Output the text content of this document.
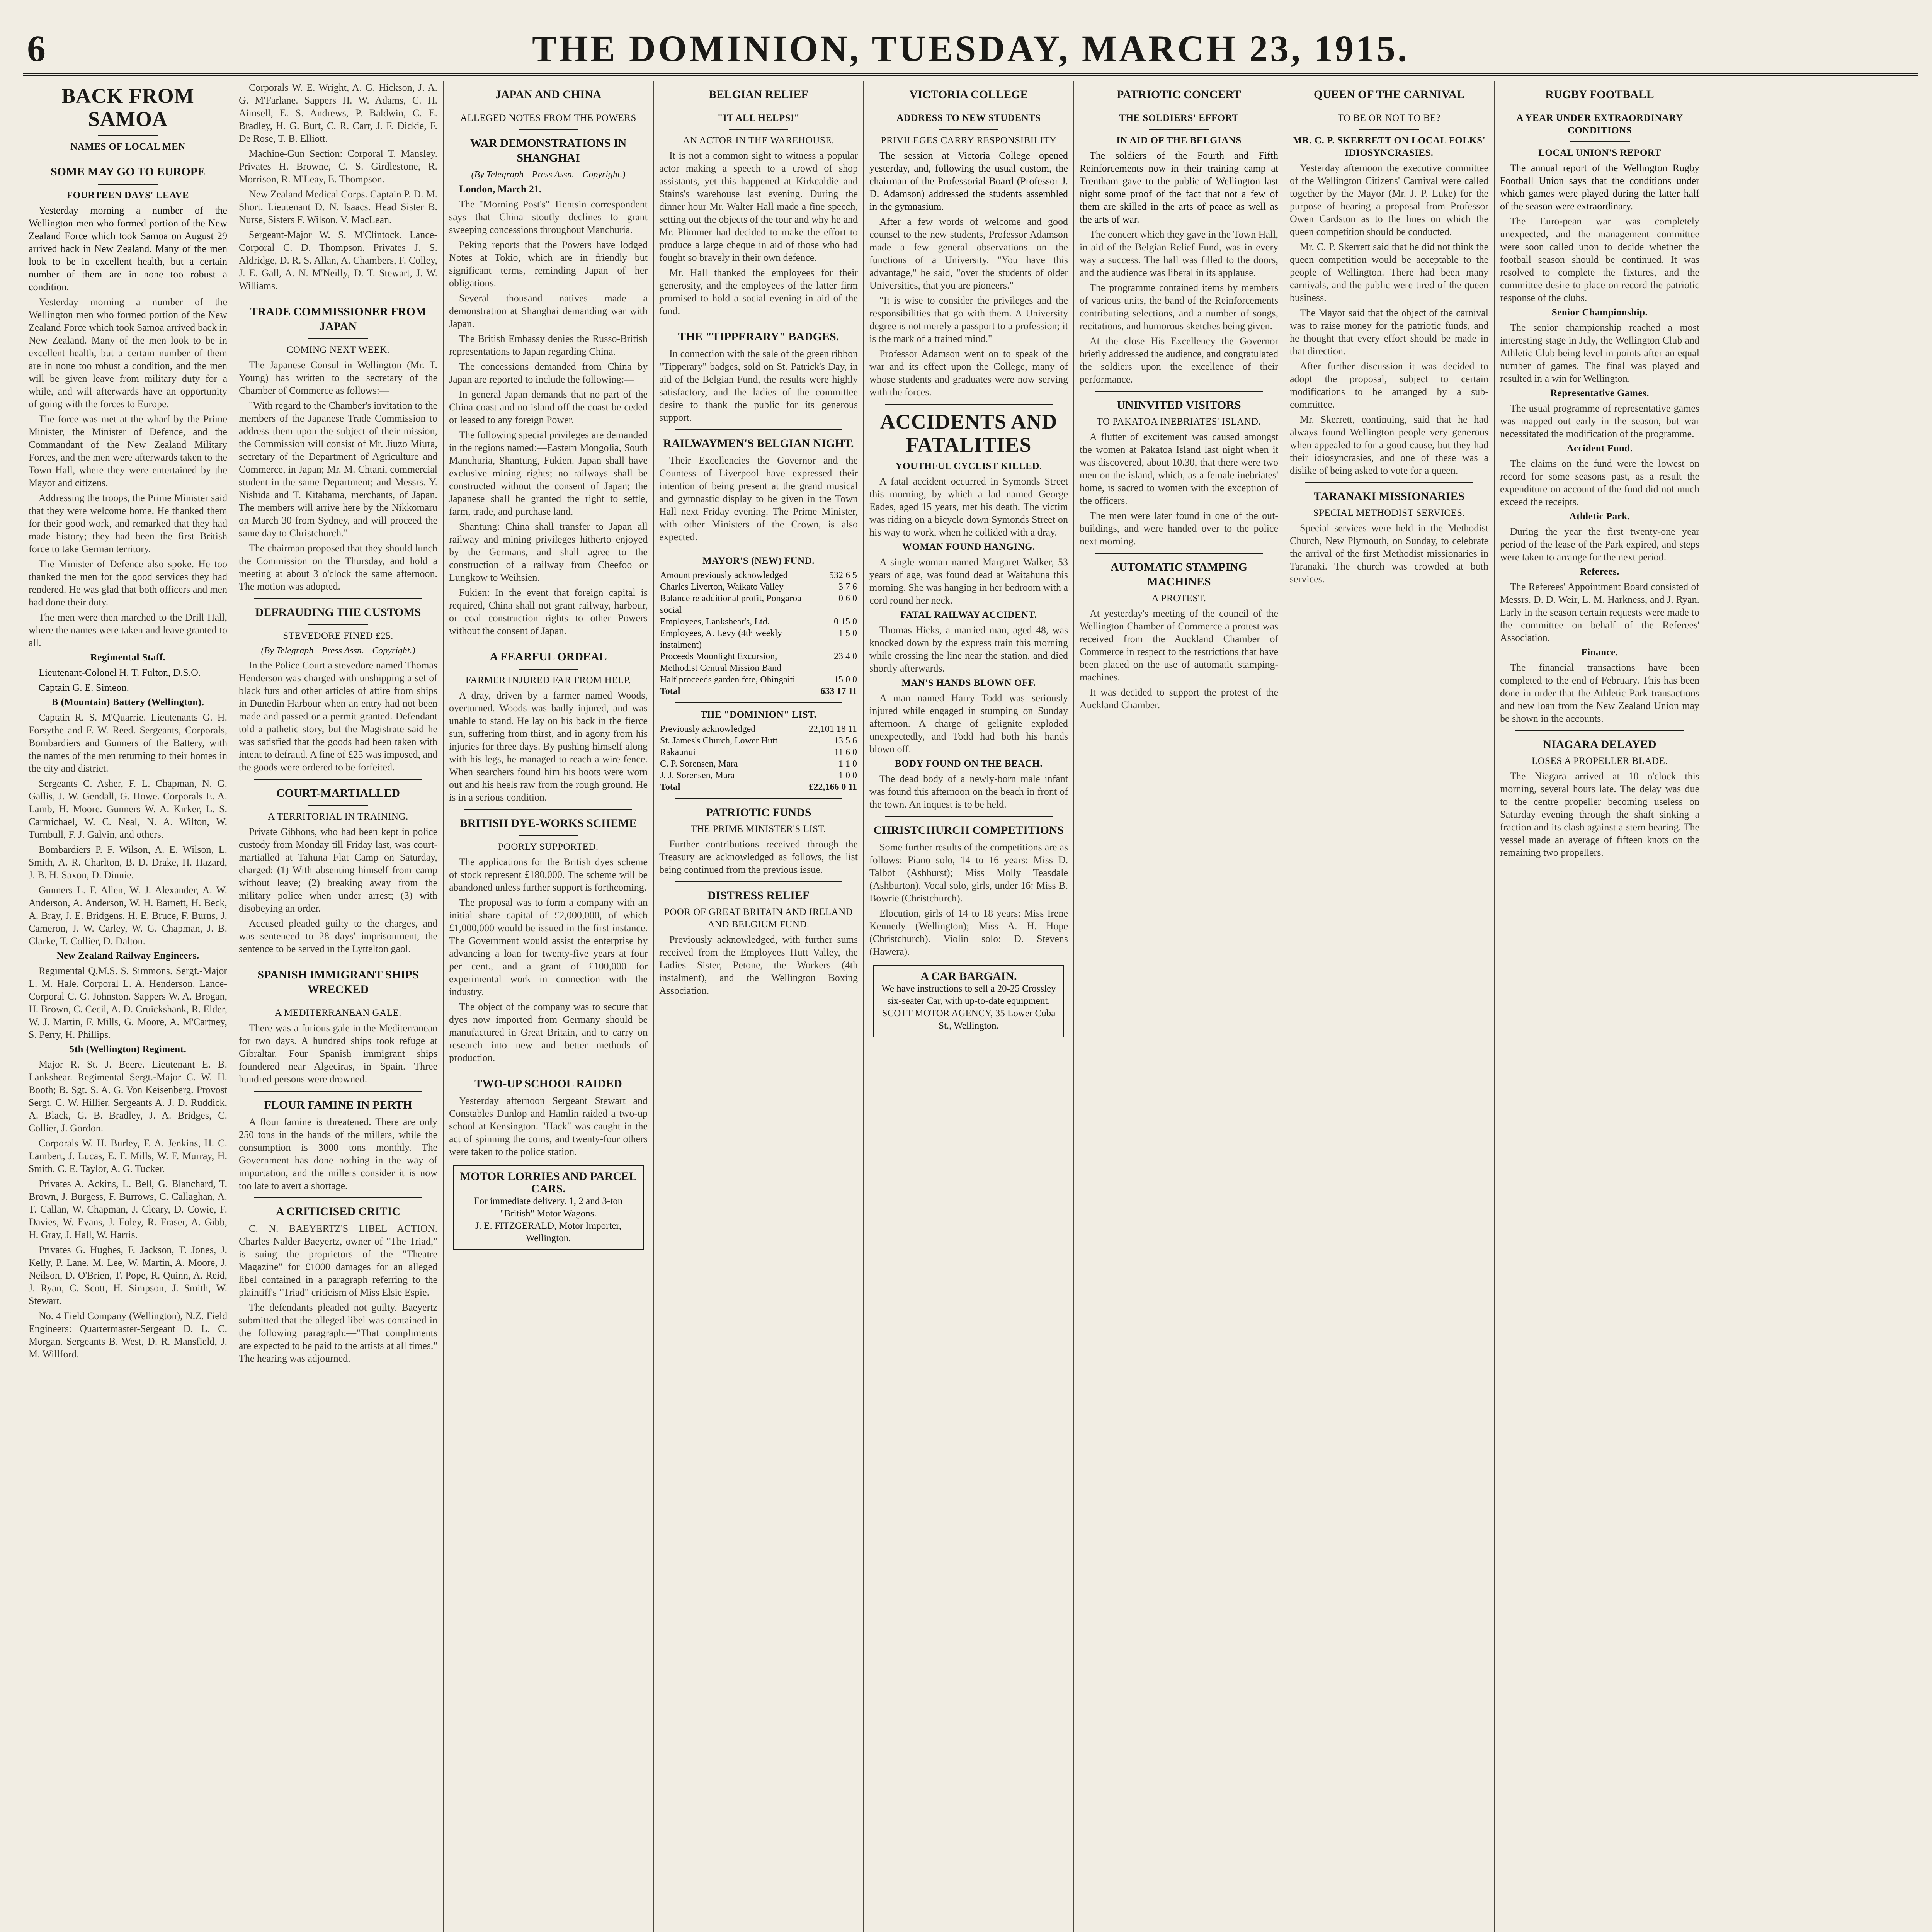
6	THE DOMINION, TUESDAY, MARCH 23, 1915.
BACK FROM SAMOA
NAMES OF LOCAL MEN
SOME MAY GO TO EUROPE
FOURTEEN DAYS' LEAVE

Yesterday morning a number of the Wellington men who formed portion of the New Zealand Force which took Samoa on August 29 arrived back in New Zealand. Many of the men look to be in excellent health, but a certain number of them are in none too robust a condition.

Yesterday morning a number of the Wellington men who formed portion of the New Zealand Force which took Samoa arrived back in New Zealand. Many of the men look to be in excellent health, but a certain number of them are in none too robust a condition, and the men will be given leave from military duty for a while, and will afterwards have an opportunity of going with the forces to Europe.

The force was met at the wharf by the Prime Minister, the Minister of Defence, and the Commandant of the New Zealand Military Forces, and the men were afterwards taken to the Town Hall, where they were entertained by the Mayor and citizens.

Addressing the troops, the Prime Minister said that they were welcome home. He thanked them for their good work, and remarked that they had made history; they had been the first British force to take German territory.

The Minister of Defence also spoke. He too thanked the men for the good services they had rendered. He was glad that both officers and men had done their duty.

The men were then marched to the Drill Hall, where the names were taken and leave granted to all.

Regimental Staff.

Lieutenant-Colonel H. T. Fulton, D.S.O.

Captain G. E. Simeon.

B (Mountain) Battery (Wellington).

Captain R. S. M'Quarrie. Lieutenants G. H. Forsythe and F. W. Reed. Sergeants, Corporals, Bombardiers and Gunners of the Battery, with the names of the men returning to their homes in the city and district.

Sergeants C. Asher, F. L. Chapman, N. G. Gallis, J. W. Gendall, G. Howe. Corporals E. A. Lamb, H. Moore. Gunners W. A. Kirker, L. S. Carmichael, W. C. Neal, N. A. Wilton, W. Turnbull, F. J. Galvin, and others.

Bombardiers P. F. Wilson, A. E. Wilson, L. Smith, A. R. Charlton, B. D. Drake, H. Hazard, J. B. H. Saxon, D. Dinnie.

Gunners L. F. Allen, W. J. Alexander, A. W. Anderson, A. Anderson, W. H. Barnett, H. Beck, A. Bray, J. E. Bridgens, H. E. Bruce, F. Burns, J. Cameron, J. W. Carley, W. G. Chapman, J. B. Clarke, T. Collier, D. Dalton.

New Zealand Railway Engineers.

Regimental Q.M.S. S. Simmons. Sergt.-Major L. M. Hale. Corporal L. A. Henderson. Lance-Corporal C. G. Johnston. Sappers W. A. Brogan, H. Brown, C. Cecil, A. D. Cruickshank, R. Elder, W. J. Martin, F. Mills, G. Moore, A. M'Cartney, S. Perry, H. Phillips.

5th (Wellington) Regiment.

Major R. St. J. Beere. Lieutenant E. B. Lankshear. Regimental Sergt.-Major C. W. H. Booth; B. Sgt. S. A. G. Von Keisenberg. Provost Sergt. C. W. Hillier. Sergeants A. J. D. Ruddick, A. Black, G. B. Bradley, J. A. Bridges, C. Collier, J. Gordon.

Corporals W. H. Burley, F. A. Jenkins, H. C. Lambert, J. Lucas, E. F. Mills, W. F. Murray, H. Smith, C. E. Taylor, A. G. Tucker.

Privates A. Ackins, L. Bell, G. Blanchard, T. Brown, J. Burgess, F. Burrows, C. Callaghan, A. T. Callan, W. Chapman, J. Cleary, D. Cowie, F. Davies, W. Evans, J. Foley, R. Fraser, A. Gibb, H. Gray, J. Hall, W. Harris.

Privates G. Hughes, F. Jackson, T. Jones, J. Kelly, P. Lane, M. Lee, W. Martin, A. Moore, J. Neilson, D. O'Brien, T. Pope, R. Quinn, A. Reid, J. Ryan, C. Scott, H. Simpson, J. Smith, W. Stewart.

No. 4 Field Company (Wellington), N.Z. Field Engineers: Quartermaster-Sergeant D. L. C. Morgan. Sergeants B. West, D. R. Mansfield, J. M. Willford.

Corporals W. E. Wright, A. G. Hickson, J. A. G. M'Farlane. Sappers H. W. Adams, C. H. Aimsell, E. S. Andrews, P. Baldwin, C. E. Bradley, H. G. Burt, C. R. Carr, J. F. Dickie, F. De Rose, T. B. Elliott.

Machine-Gun Section: Corporal T. Mansley. Privates H. Browne, C. S. Girdlestone, R. Morrison, R. M'Leay, E. Thompson.

New Zealand Medical Corps. Captain P. D. M. Short. Lieutenant D. N. Isaacs. Head Sister B. Nurse, Sisters F. Wilson, V. MacLean.

Sergeant-Major W. S. M'Clintock. Lance-Corporal C. D. Thompson. Privates J. S. Aldridge, D. R. S. Allan, A. Chambers, F. Colley, J. E. Gall, A. N. M'Neilly, D. T. Stewart, J. W. Williams.

TRADE COMMISSIONER FROM JAPAN
COMING NEXT WEEK.

The Japanese Consul in Wellington (Mr. T. Young) has written to the secretary of the Chamber of Commerce as follows:—

"With regard to the Chamber's invitation to the members of the Japanese Trade Commission to address them upon the subject of their mission, the Commission will consist of Mr. Jiuzo Miura, secretary of the Department of Agriculture and Commerce, in Japan; Mr. M. Chtani, commercial student in the same Department; and Messrs. Y. Nishida and T. Kitabama, merchants, of Japan. The members will arrive here by the Nikkomaru on March 30 from Sydney, and will proceed the same day to Christchurch."

The chairman proposed that they should lunch the Commission on the Thursday, and hold a meeting at about 3 o'clock the same afternoon. The motion was adopted.

DEFRAUDING THE CUSTOMS
STEVEDORE FINED £25.
(By Telegraph—Press Assn.—Copyright.)

In the Police Court a stevedore named Thomas Henderson was charged with unshipping a set of black furs and other articles of attire from ships in Dunedin Harbour when an entry had not been made and passed or a permit granted. Defendant told a pathetic story, but the Magistrate said he was satisfied that the goods had been taken with intent to defraud. A fine of £25 was imposed, and the goods were ordered to be forfeited.

COURT-MARTIALLED
A TERRITORIAL IN TRAINING.

Private Gibbons, who had been kept in police custody from Monday till Friday last, was court-martialled at Tahuna Flat Camp on Saturday, charged: (1) With absenting himself from camp without leave; (2) breaking away from the military police when under arrest; (3) with disobeying an order.

Accused pleaded guilty to the charges, and was sentenced to 28 days' imprisonment, the sentence to be served in the Lyttelton gaol.

SPANISH IMMIGRANT SHIPS WRECKED
A MEDITERRANEAN GALE.

There was a furious gale in the Mediterranean for two days. A hundred ships took refuge at Gibraltar. Four Spanish immigrant ships foundered near Algeciras, in Spain. Three hundred persons were drowned.

FLOUR FAMINE IN PERTH

A flour famine is threatened. There are only 250 tons in the hands of the millers, while the consumption is 3000 tons monthly. The Government has done nothing in the way of importation, and the millers consider it is now too late to avert a shortage.

A CRITICISED CRITIC

C. N. BAEYERTZ'S LIBEL ACTION. Charles Nalder Baeyertz, owner of "The Triad," is suing the proprietors of the "Theatre Magazine" for £1000 damages for an alleged libel contained in a paragraph referring to the plaintiff's "Triad" criticism of Miss Elsie Espie.

The defendants pleaded not guilty. Baeyertz submitted that the alleged libel was contained in the following paragraph:—"That compliments are expected to be paid to the artists at all times." The hearing was adjourned.

JAPAN AND CHINA
ALLEGED NOTES FROM THE POWERS
WAR DEMONSTRATIONS IN SHANGHAI
(By Telegraph—Press Assn.—Copyright.)

London, March 21.

The "Morning Post's" Tientsin correspondent says that China stoutly declines to grant sweeping concessions throughout Manchuria.

Peking reports that the Powers have lodged Notes at Tokio, which are in friendly but significant terms, reminding Japan of her obligations.

Several thousand natives made a demonstration at Shanghai demanding war with Japan.

The British Embassy denies the Russo-British representations to Japan regarding China.

The concessions demanded from China by Japan are reported to include the following:—

In general Japan demands that no part of the China coast and no island off the coast be ceded or leased to any foreign Power.

The following special privileges are demanded in the regions named:—Eastern Mongolia, South Manchuria, Shantung, Fukien. Japan shall have exclusive mining rights; no railways shall be constructed without the consent of Japan; the Japanese shall be granted the right to settle, farm, trade, and purchase land.

Shantung: China shall transfer to Japan all railway and mining privileges hitherto enjoyed by the Germans, and shall agree to the construction of a railway from Cheefoo or Lungkow to Weihsien.

Fukien: In the event that foreign capital is required, China shall not grant railway, harbour, or coal construction rights to other Powers without the consent of Japan.

A FEARFUL ORDEAL
FARMER INJURED FAR FROM HELP.

A dray, driven by a farmer named Woods, overturned. Woods was badly injured, and was unable to stand. He lay on his back in the fierce sun, suffering from thirst, and in agony from his injuries for three days. By pushing himself along with his legs, he managed to reach a wire fence. When searchers found him his boots were worn out and his heels raw from the rough ground. He is in a serious condition.

BRITISH DYE-WORKS SCHEME
POORLY SUPPORTED.

The applications for the British dyes scheme of stock represent £180,000. The scheme will be abandoned unless further support is forthcoming.

The proposal was to form a company with an initial share capital of £2,000,000, of which £1,000,000 would be issued in the first instance. The Government would assist the enterprise by advancing a loan for twenty-five years at four per cent., and a grant of £100,000 for experimental work in connection with the industry.

The object of the company was to secure that dyes now imported from Germany should be manufactured in Great Britain, and to carry on research into new and better methods of production.

TWO-UP SCHOOL RAIDED

Yesterday afternoon Sergeant Stewart and Constables Dunlop and Hamlin raided a two-up school at Kensington. "Hack" was caught in the act of spinning the coins, and twenty-four others were taken to the police station.

MOTOR LORRIES AND PARCEL CARS.
For immediate delivery. 1, 2 and 3-ton "British" Motor Wagons.
J. E. FITZGERALD, Motor Importer, Wellington.
BELGIAN RELIEF
"IT ALL HELPS!"
AN ACTOR IN THE WAREHOUSE.

It is not a common sight to witness a popular actor making a speech to a crowd of shop assistants, yet this happened at Kirkcaldie and Stains's warehouse last evening. During the dinner hour Mr. Walter Hall made a fine speech, setting out the objects of the tour and why he and Mr. Plimmer had decided to make the effort to produce a large cheque in aid of those who had fought so bravely in their own defence.

Mr. Hall thanked the employees for their generosity, and the employees of the latter firm promised to hold a social evening in aid of the fund.

THE "TIPPERARY" BADGES.

In connection with the sale of the green ribbon "Tipperary" badges, sold on St. Patrick's Day, in aid of the Belgian Fund, the results were highly satisfactory, and the ladies of the committee desire to thank the public for its generous support.

RAILWAYMEN'S BELGIAN NIGHT.

Their Excellencies the Governor and the Countess of Liverpool have expressed their intention of being present at the grand musical and gymnastic display to be given in the Town Hall next Friday evening. The Prime Minister, with other Ministers of the Crown, is also expected.

MAYOR'S (NEW) FUND.
Amount previously acknowledged	532 6 5
Charles Liverton, Waikato Valley	3 7 6
Balance re additional profit, Pongaroa social	0 6 0
Employees, Lankshear's, Ltd.	0 15 0
Employees, A. Levy (4th weekly instalment)	1 5 0
Proceeds Moonlight Excursion, Methodist Central Mission Band	23 4 0
Half proceeds garden fete, Ohingaiti	15 0 0
Total	633 17 11
THE "DOMINION" LIST.
Previously acknowledged	22,101 18 11
St. James's Church, Lower Hutt	13 5 6
Rakaunui	11 6 0
C. P. Sorensen, Mara	1 1 0
J. J. Sorensen, Mara	1 0 0
Total	£22,166 0 11
PATRIOTIC FUNDS
THE PRIME MINISTER'S LIST.

Further contributions received through the Treasury are acknowledged as follows, the list being continued from the previous issue.

DISTRESS RELIEF
POOR OF GREAT BRITAIN AND IRELAND AND BELGIUM FUND.

Previously acknowledged, with further sums received from the Employees Hutt Valley, the Ladies Sister, Petone, the Workers (4th instalment), and the Wellington Boxing Association.

VICTORIA COLLEGE
ADDRESS TO NEW STUDENTS
PRIVILEGES CARRY RESPONSIBILITY

The session at Victoria College opened yesterday, and, following the usual custom, the chairman of the Professorial Board (Professor J. D. Adamson) addressed the students assembled in the gymnasium.

After a few words of welcome and good counsel to the new students, Professor Adamson made a few general observations on the functions of a University. "You have this advantage," he said, "over the students of older Universities, that you are pioneers."

"It is wise to consider the privileges and the responsibilities that go with them. A University degree is not merely a passport to a profession; it is the mark of a trained mind."

Professor Adamson went on to speak of the war and its effect upon the College, many of whose students and graduates were now serving with the forces.

ACCIDENTS AND FATALITIES
YOUTHFUL CYCLIST KILLED.

A fatal accident occurred in Symonds Street this morning, by which a lad named George Eades, aged 15 years, met his death. The victim was riding on a bicycle down Symonds Street on his way to work, when he collided with a dray.

WOMAN FOUND HANGING.

A single woman named Margaret Walker, 53 years of age, was found dead at Waitahuna this morning. She was hanging in her bedroom with a cord round her neck.

FATAL RAILWAY ACCIDENT.

Thomas Hicks, a married man, aged 48, was knocked down by the express train this morning while crossing the line near the station, and died shortly afterwards.

MAN'S HANDS BLOWN OFF.

A man named Harry Todd was seriously injured while engaged in stumping on Sunday afternoon. A charge of gelignite exploded unexpectedly, and Todd had both his hands blown off.

BODY FOUND ON THE BEACH.

The dead body of a newly-born male infant was found this afternoon on the beach in front of the town. An inquest is to be held.

CHRISTCHURCH COMPETITIONS

Some further results of the competitions are as follows: Piano solo, 14 to 16 years: Miss D. Talbot (Ashhurst); Miss Molly Teasdale (Ashburton). Vocal solo, girls, under 16: Miss B. Bowrie (Christchurch).

Elocution, girls of 14 to 18 years: Miss Irene Kennedy (Wellington); Miss A. H. Hope (Christchurch). Violin solo: D. Stevens (Hawera).

A CAR BARGAIN.
We have instructions to sell a 20-25 Crossley six-seater Car, with up-to-date equipment.
SCOTT MOTOR AGENCY, 35 Lower Cuba St., Wellington.
PATRIOTIC CONCERT
THE SOLDIERS' EFFORT
IN AID OF THE BELGIANS

The soldiers of the Fourth and Fifth Reinforcements now in their training camp at Trentham gave to the public of Wellington last night some proof of the fact that not a few of them are skilled in the arts of peace as well as the arts of war.

The concert which they gave in the Town Hall, in aid of the Belgian Relief Fund, was in every way a success. The hall was filled to the doors, and the audience was liberal in its applause.

The programme contained items by members of various units, the band of the Reinforcements contributing selections, and a number of songs, recitations, and humorous sketches being given.

At the close His Excellency the Governor briefly addressed the audience, and congratulated the soldiers upon the excellence of their performance.

UNINVITED VISITORS
TO PAKATOA INEBRIATES' ISLAND.

A flutter of excitement was caused amongst the women at Pakatoa Island last night when it was discovered, about 10.30, that there were two men on the island, which, as a female inebriates' home, is sacred to women with the exception of the officers.

The men were later found in one of the out-buildings, and were handed over to the police next morning.

AUTOMATIC STAMPING MACHINES
A PROTEST.

At yesterday's meeting of the council of the Wellington Chamber of Commerce a protest was received from the Auckland Chamber of Commerce in respect to the restrictions that have been placed on the use of automatic stamping-machines.

It was decided to support the protest of the Auckland Chamber.

QUEEN OF THE CARNIVAL
TO BE OR NOT TO BE?
MR. C. P. SKERRETT ON LOCAL FOLKS' IDIOSYNCRASIES.

Yesterday afternoon the executive committee of the Wellington Citizens' Carnival were called together by the Mayor (Mr. J. P. Luke) for the purpose of hearing a proposal from Professor Owen Cardston as to the lines on which the queen competition should be conducted.

Mr. C. P. Skerrett said that he did not think the queen competition would be acceptable to the people of Wellington. There had been many carnivals, and the public were tired of the queen business.

The Mayor said that the object of the carnival was to raise money for the patriotic funds, and he thought that every effort should be made in that direction.

After further discussion it was decided to adopt the proposal, subject to certain modifications to be arranged by a sub-committee.

Mr. Skerrett, continuing, said that he had always found Wellington people very generous when appealed to for a good cause, but they had their idiosyncrasies, and one of these was a dislike of being asked to vote for a queen.

TARANAKI MISSIONARIES
SPECIAL METHODIST SERVICES.

Special services were held in the Methodist Church, New Plymouth, on Sunday, to celebrate the arrival of the first Methodist missionaries in Taranaki. The church was crowded at both services.

RUGBY FOOTBALL
A YEAR UNDER EXTRAORDINARY CONDITIONS
LOCAL UNION'S REPORT

The annual report of the Wellington Rugby Football Union says that the conditions under which games were played during the latter half of the season were extraordinary.

The Euro-pean war was completely unexpected, and the management committee were soon called upon to decide whether the football season should be continued. It was resolved to complete the fixtures, and the committee desire to place on record the patriotic response of the clubs.

Senior Championship.

The senior championship reached a most interesting stage in July, the Wellington Club and Athletic Club being level in points after an equal number of games. The final was played and resulted in a win for Wellington.

Representative Games.

The usual programme of representative games was mapped out early in the season, but war necessitated the modification of the programme.

Accident Fund.

The claims on the fund were the lowest on record for some seasons past, as a result the expenditure on account of the fund did not much exceed the receipts.

Athletic Park.

During the year the first twenty-one year period of the lease of the Park expired, and steps were taken to arrange for the next period.

Referees.

The Referees' Appointment Board consisted of Messrs. D. D. Weir, L. M. Harkness, and J. Ryan. Early in the season certain requests were made to the committee on behalf of the Referees' Association.

Finance.

The financial transactions have been completed to the end of February. This has been done in order that the Athletic Park transactions and new loan from the New Zealand Union may be shown in the accounts.

NIAGARA DELAYED
LOSES A PROPELLER BLADE.

The Niagara arrived at 10 o'clock this morning, several hours late. The delay was due to the centre propeller becoming useless on Saturday evening through the shaft sinking a fraction and its clash against a stern bearing. The vessel made an average of fifteen knots on the remaining two propellers.
